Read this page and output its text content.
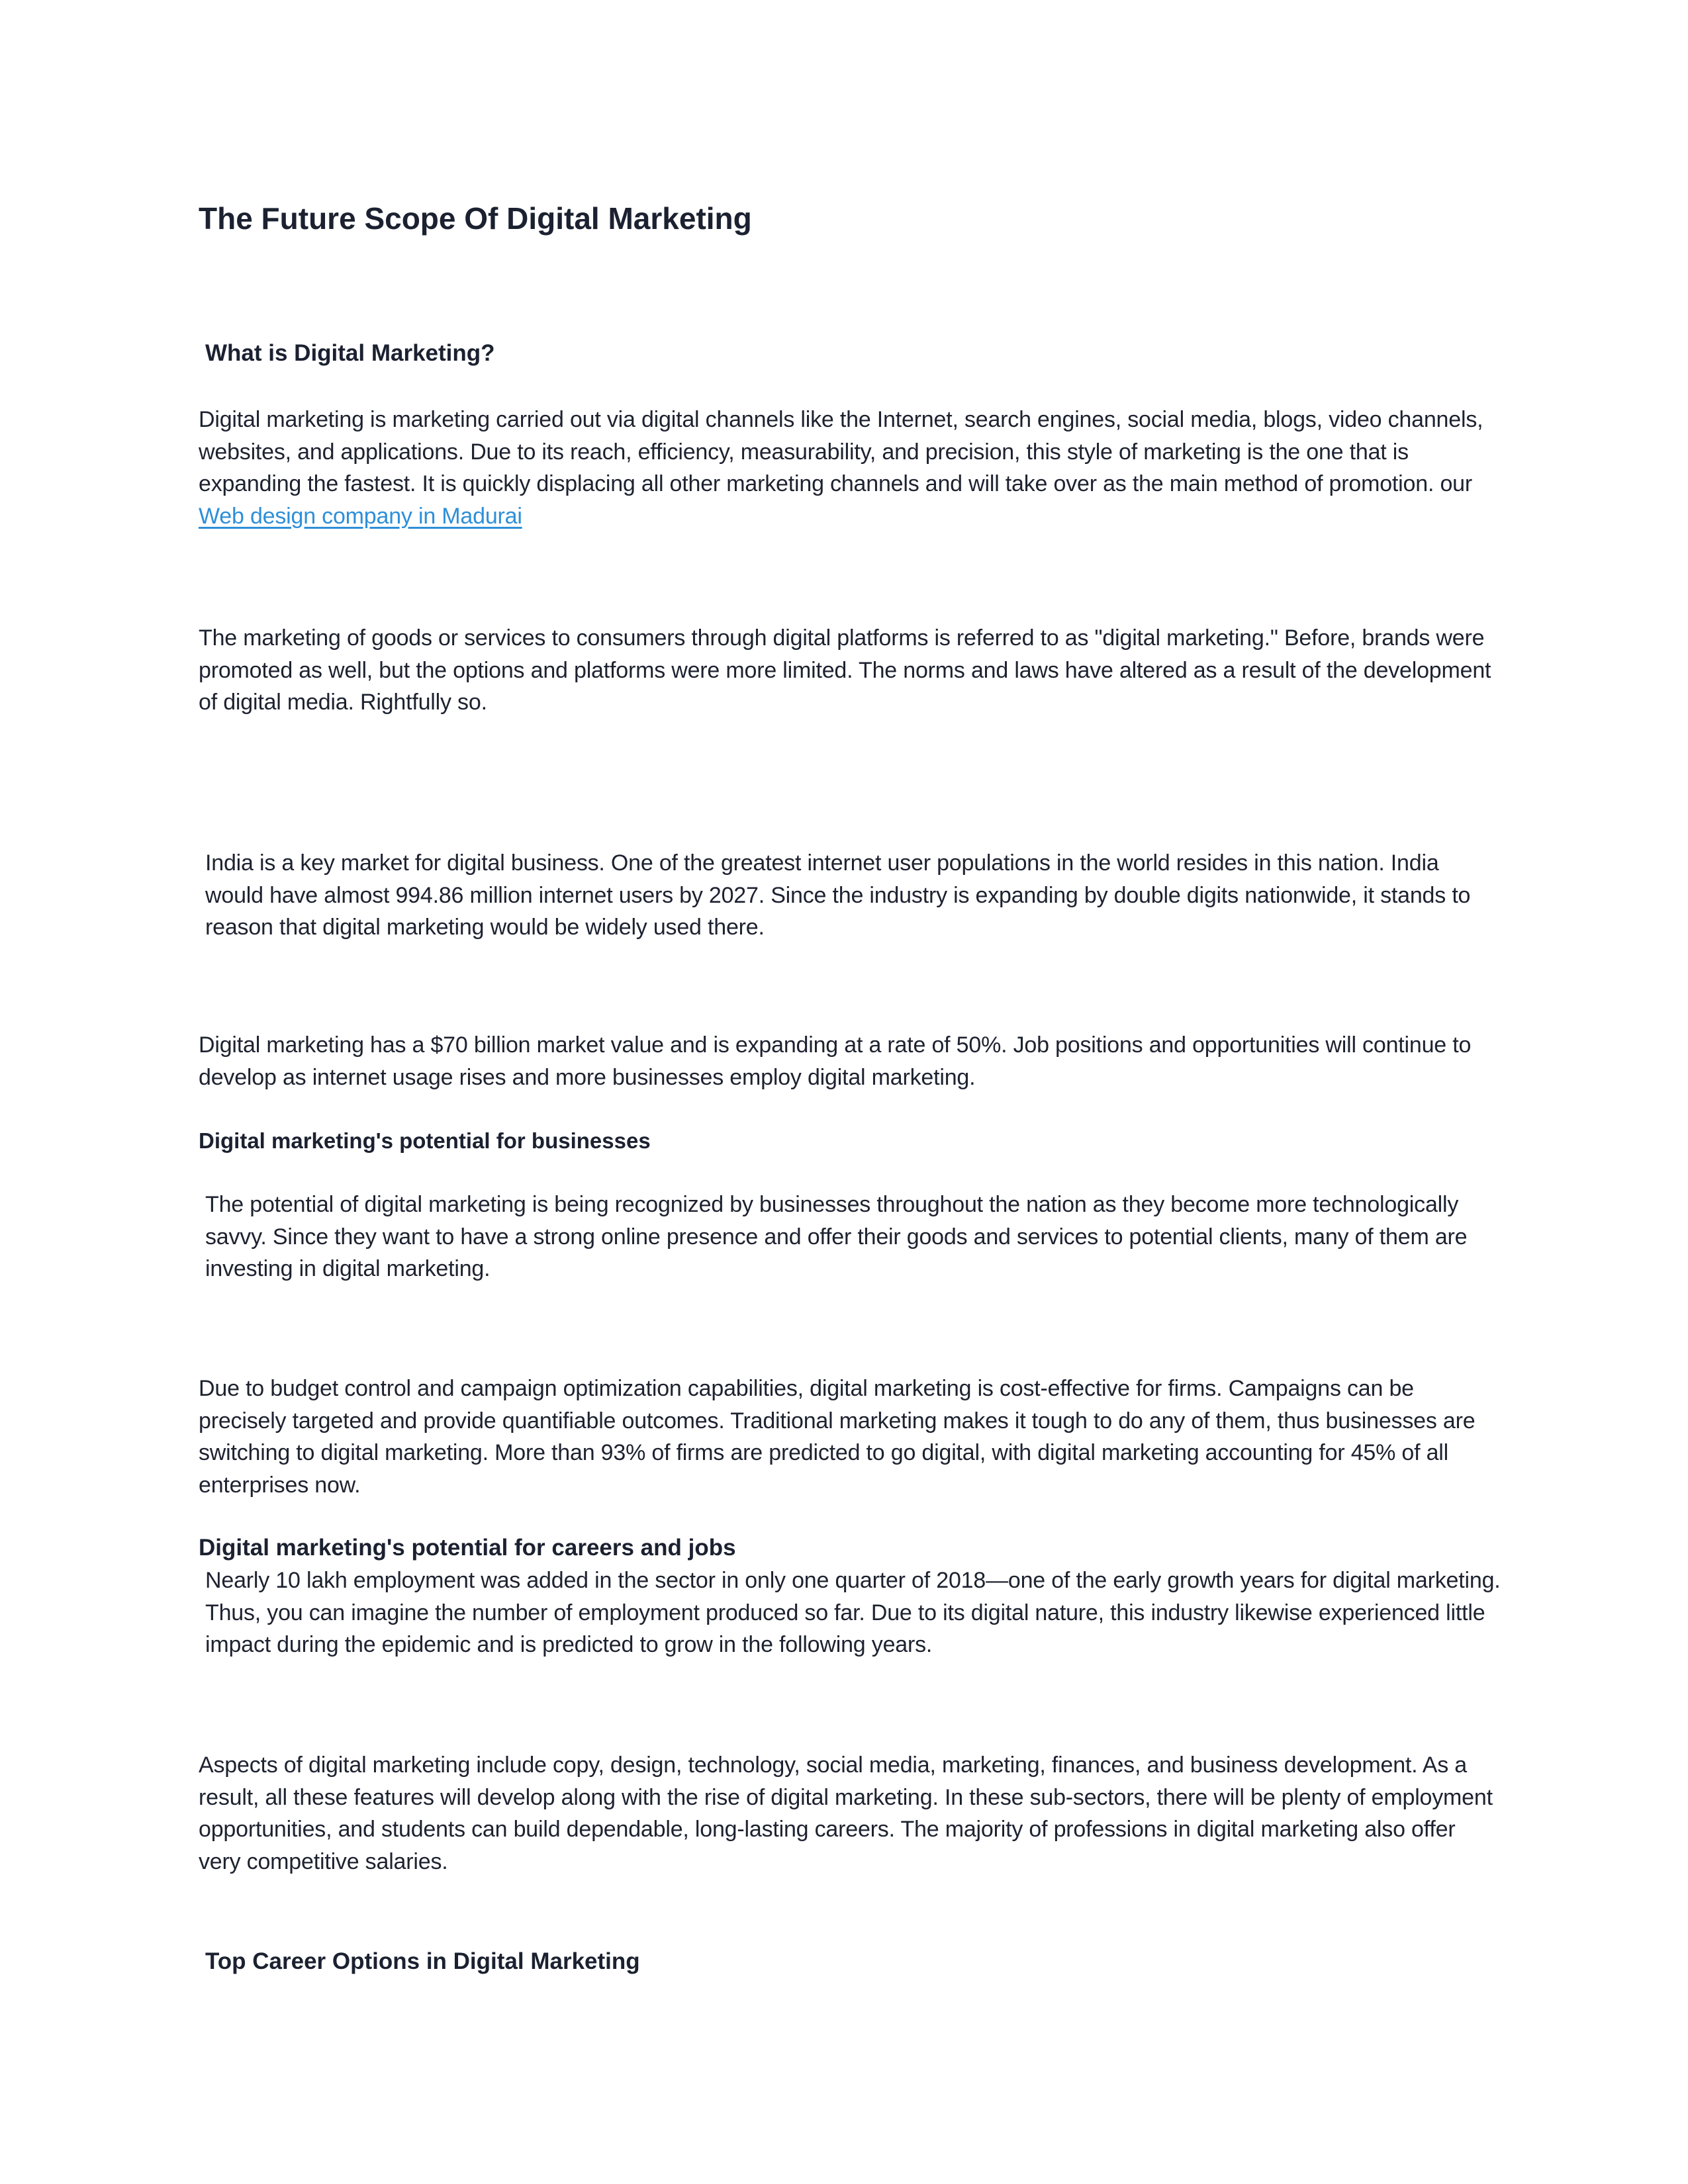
The Future Scope Of Digital Marketing
What is Digital Marketing?

Digital marketing is marketing carried out via digital channels like the Internet, search engines, social media, blogs, video channels, websites, and applications. Due to its reach, efficiency, measurability, and precision, this style of marketing is the one that is expanding the fastest. It is quickly displacing all other marketing channels and will take over as the main method of promotion. our Web design company in Madurai

The marketing of goods or services to consumers through digital platforms is referred to as "digital marketing." Before, brands were promoted as well, but the options and platforms were more limited. The norms and laws have altered as a result of the development of digital media. Rightfully so.

India is a key market for digital business. One of the greatest internet user populations in the world resides in this nation. India would have almost 994.86 million internet users by 2027. Since the industry is expanding by double digits nationwide, it stands to reason that digital marketing would be widely used there.

Digital marketing has a $70 billion market value and is expanding at a rate of 50%. Job positions and opportunities will continue to develop as internet usage rises and more businesses employ digital marketing.

Digital marketing's potential for businesses

The potential of digital marketing is being recognized by businesses throughout the nation as they become more technologically savvy. Since they want to have a strong online presence and offer their goods and services to potential clients, many of them are investing in digital marketing.

Due to budget control and campaign optimization capabilities, digital marketing is cost-effective for firms. Campaigns can be precisely targeted and provide quantifiable outcomes. Traditional marketing makes it tough to do any of them, thus businesses are switching to digital marketing. More than 93% of firms are predicted to go digital, with digital marketing accounting for 45% of all enterprises now.

Digital marketing's potential for careers and jobs

Nearly 10 lakh employment was added in the sector in only one quarter of 2018—one of the early growth years for digital marketing. Thus, you can imagine the number of employment produced so far. Due to its digital nature, this industry likewise experienced little impact during the epidemic and is predicted to grow in the following years.

Aspects of digital marketing include copy, design, technology, social media, marketing, finances, and business development. As a result, all these features will develop along with the rise of digital marketing. In these sub-sectors, there will be plenty of employment opportunities, and students can build dependable, long-lasting careers. The majority of professions in digital marketing also offer very competitive salaries.

Top Career Options in Digital Marketing
